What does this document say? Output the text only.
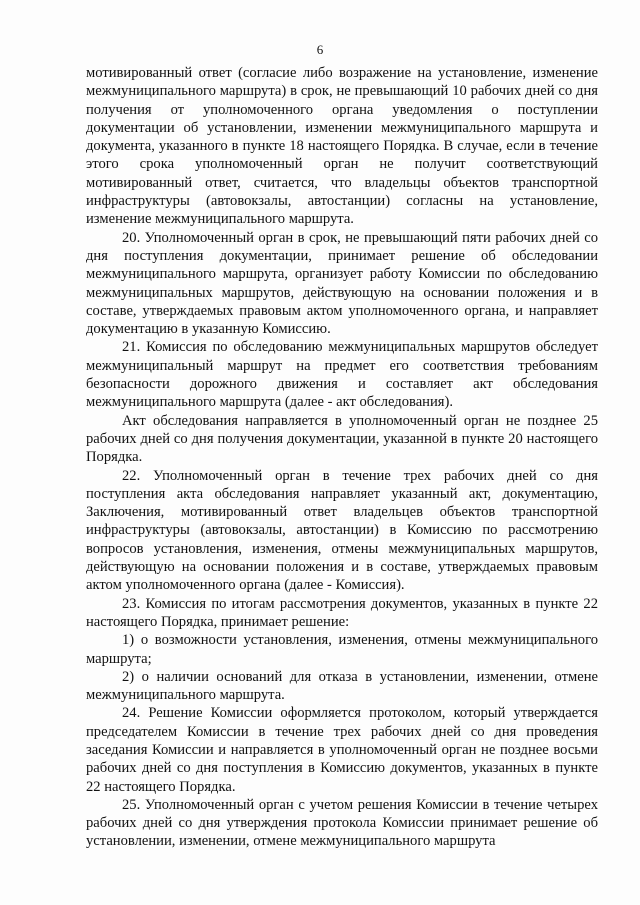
6

мотивированный ответ (согласие либо возражение на установление, изменение межмуниципального маршрута) в срок, не превышающий 10 рабочих дней со дня получения от уполномоченного органа уведомления о поступлении документации об установлении, изменении межмуниципального маршрута и документа, указанного в пункте 18 настоящего Порядка. В случае, если в течение этого срока уполномоченный орган не получит соответствующий мотивированный ответ, считается, что владельцы объектов транспортной инфраструктуры (автовокзалы, автостанции) согласны на установление, изменение межмуниципального маршрута.

20. Уполномоченный орган в срок, не превышающий пяти рабочих дней со дня поступления документации, принимает решение об обследовании межмуниципального маршрута, организует работу Комиссии по обследованию межмуниципальных маршрутов, действующую на основании положения и в составе, утверждаемых правовым актом уполномоченного органа, и направляет документацию в указанную Комиссию.

21. Комиссия по обследованию межмуниципальных маршрутов обследует межмуниципальный маршрут на предмет его соответствия требованиям безопасности дорожного движения и составляет акт обследования межмуниципального маршрута (далее - акт обследования).

Акт обследования направляется в уполномоченный орган не позднее 25 рабочих дней со дня получения документации, указанной в пункте 20 настоящего Порядка.

22. Уполномоченный орган в течение трех рабочих дней со дня поступления акта обследования направляет указанный акт, документацию, Заключения, мотивированный ответ владельцев объектов транспортной инфраструктуры (автовокзалы, автостанции) в Комиссию по рассмотрению вопросов установления, изменения, отмены межмуниципальных маршрутов, действующую на основании положения и в составе, утверждаемых правовым актом уполномоченного органа (далее - Комиссия).

23. Комиссия по итогам рассмотрения документов, указанных в пункте 22 настоящего Порядка, принимает решение:

1) о возможности установления, изменения, отмены межмуниципального маршрута;

2) о наличии оснований для отказа в установлении, изменении, отмене межмуниципального маршрута.

24. Решение Комиссии оформляется протоколом, который утверждается председателем Комиссии в течение трех рабочих дней со дня проведения заседания Комиссии и направляется в уполномоченный орган не позднее восьми рабочих дней со дня поступления в Комиссию документов, указанных в пункте 22 настоящего Порядка.

25. Уполномоченный орган с учетом решения Комиссии в течение четырех рабочих дней со дня утверждения протокола Комиссии принимает решение об установлении, изменении, отмене межмуниципального маршрута
